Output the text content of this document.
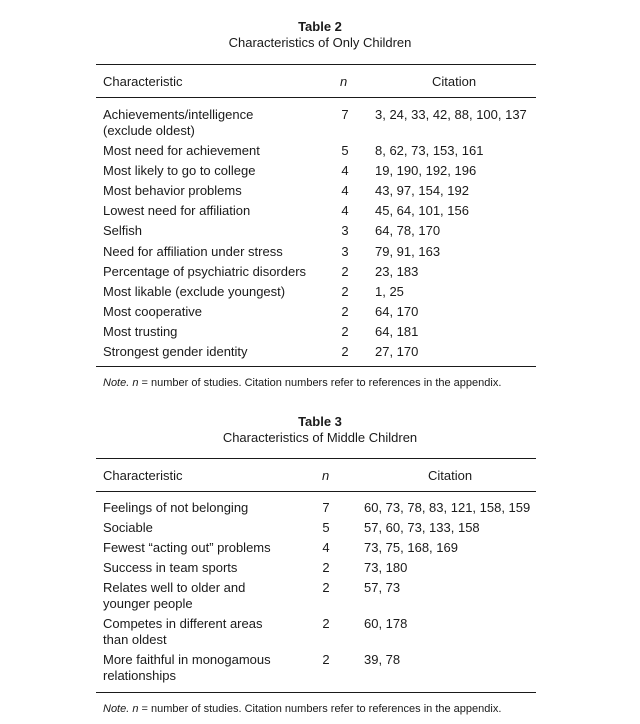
Table 2

Characteristics of Only Children

Characteristic	n	Citation
Achievements/intelligence
(exclude oldest)
7	3, 24, 33, 42, 88, 100, 137
Most need for achievement	5	8, 62, 73, 153, 161
Most likely to go to college	4	19, 190, 192, 196
Most behavior problems	4	43, 97, 154, 192
Lowest need for affiliation	4	45, 64, 101, 156
Selfish	3	64, 78, 170
Need for affiliation under stress	3	79, 91, 163
Percentage of psychiatric disorders	2	23, 183
Most likable (exclude youngest)	2	1, 25
Most cooperative	2	64, 170
Most trusting	2	64, 181
Strongest gender identity	2	27, 170
Note. n = number of studies. Citation numbers refer to references in the appendix.

Table 3

Characteristics of Middle Children

Characteristic	n	Citation
Feelings of not belonging	7	60, 73, 78, 83, 121, 158, 159
Sociable	5	57, 60, 73, 133, 158
Fewest “acting out” problems	4	73, 75, 168, 169
Success in team sports	2	73, 180
Relates well to older and
younger people
2	57, 73
Competes in different areas
than oldest
2	60, 178
More faithful in monogamous
relationships
2	39, 78
Note. n = number of studies. Citation numbers refer to references in the appendix.
